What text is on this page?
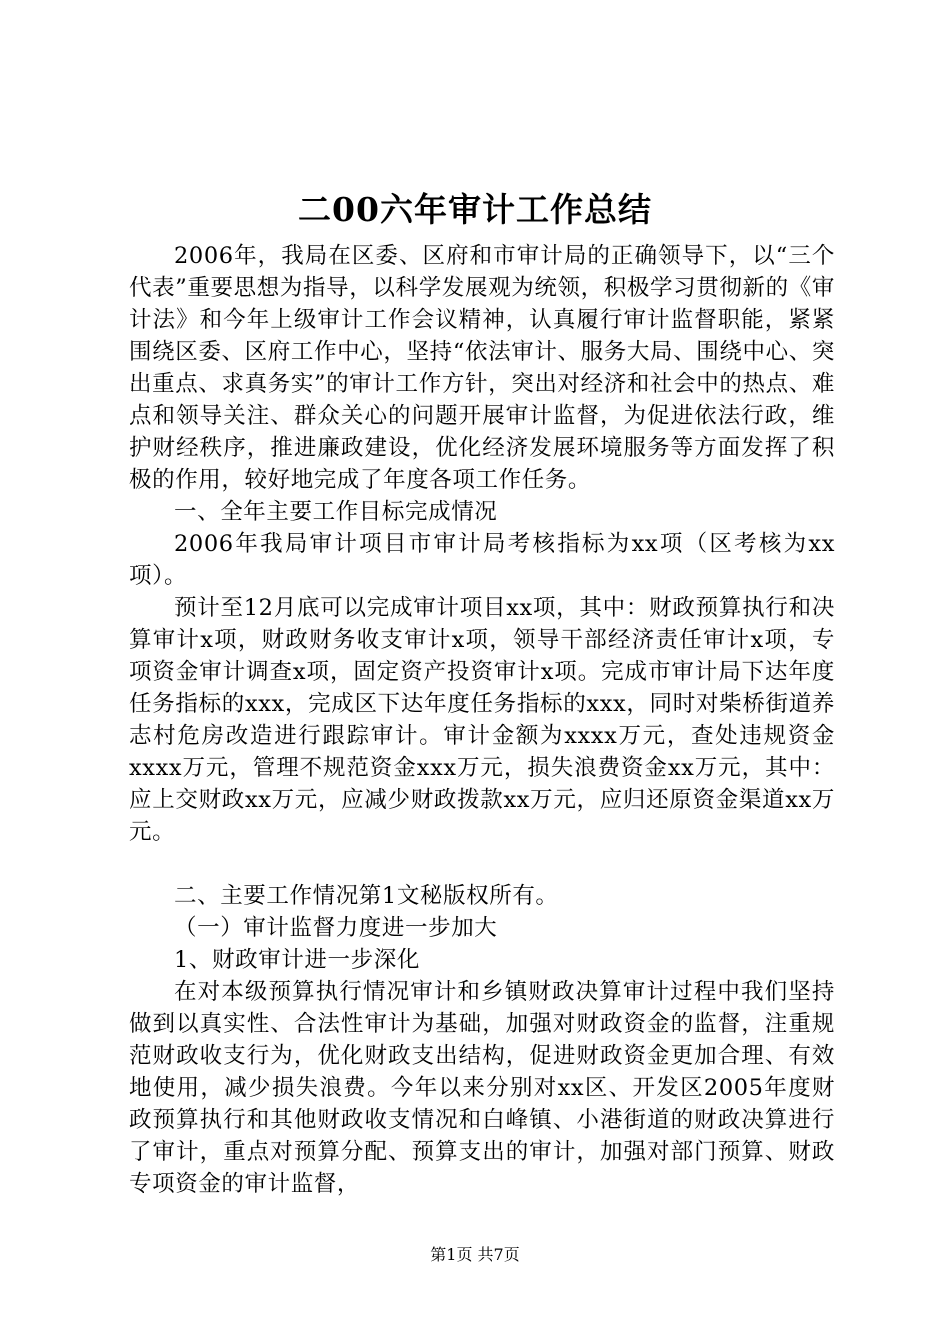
二00六年审计工作总结

2006年，我局在区委、区府和市审计局的正确领导下，以“三个代表”重要思想为指导，以科学发展观为统领，积极学习贯彻新的《审计法》和今年上级审计工作会议精神，认真履行审计监督职能，紧紧围绕区委、区府工作中心，坚持“依法审计、服务大局、围绕中心、突出重点、求真务实”的审计工作方针，突出对经济和社会中的热点、难点和领导关注、群众关心的问题开展审计监督，为促进依法行政，维护财经秩序，推进廉政建设，优化经济发展环境服务等方面发挥了积极的作用，较好地完成了年度各项工作任务。

一、全年主要工作目标完成情况

2006年我局审计项目市审计局考核指标为xx项（区考核为xx项）。

预计至12月底可以完成审计项目xx项，其中：财政预算执行和决算审计x项，财政财务收支审计x项，领导干部经济责任审计x项，专项资金审计调查x项，固定资产投资审计x项。完成市审计局下达年度任务指标的xxx，完成区下达年度任务指标的xxx，同时对柴桥街道养志村危房改造进行跟踪审计。审计金额为xxxx万元，查处违规资金xxxx万元，管理不规范资金xxx万元，损失浪费资金xx万元，其中：应上交财政xx万元，应减少财政拨款xx万元，应归还原资金渠道xx万元。

二、主要工作情况第1文秘版权所有。

（一）审计监督力度进一步加大

1、财政审计进一步深化

在对本级预算执行情况审计和乡镇财政决算审计过程中我们坚持做到以真实性、合法性审计为基础，加强对财政资金的监督，注重规范财政收支行为，优化财政支出结构，促进财政资金更加合理、有效地使用，减少损失浪费。今年以来分别对xx区、开发区2005年度财政预算执行和其他财政收支情况和白峰镇、小港街道的财政决算进行了审计，重点对预算分配、预算支出的审计，加强对部门预算、财政专项资金的审计监督，

第1页 共7页
